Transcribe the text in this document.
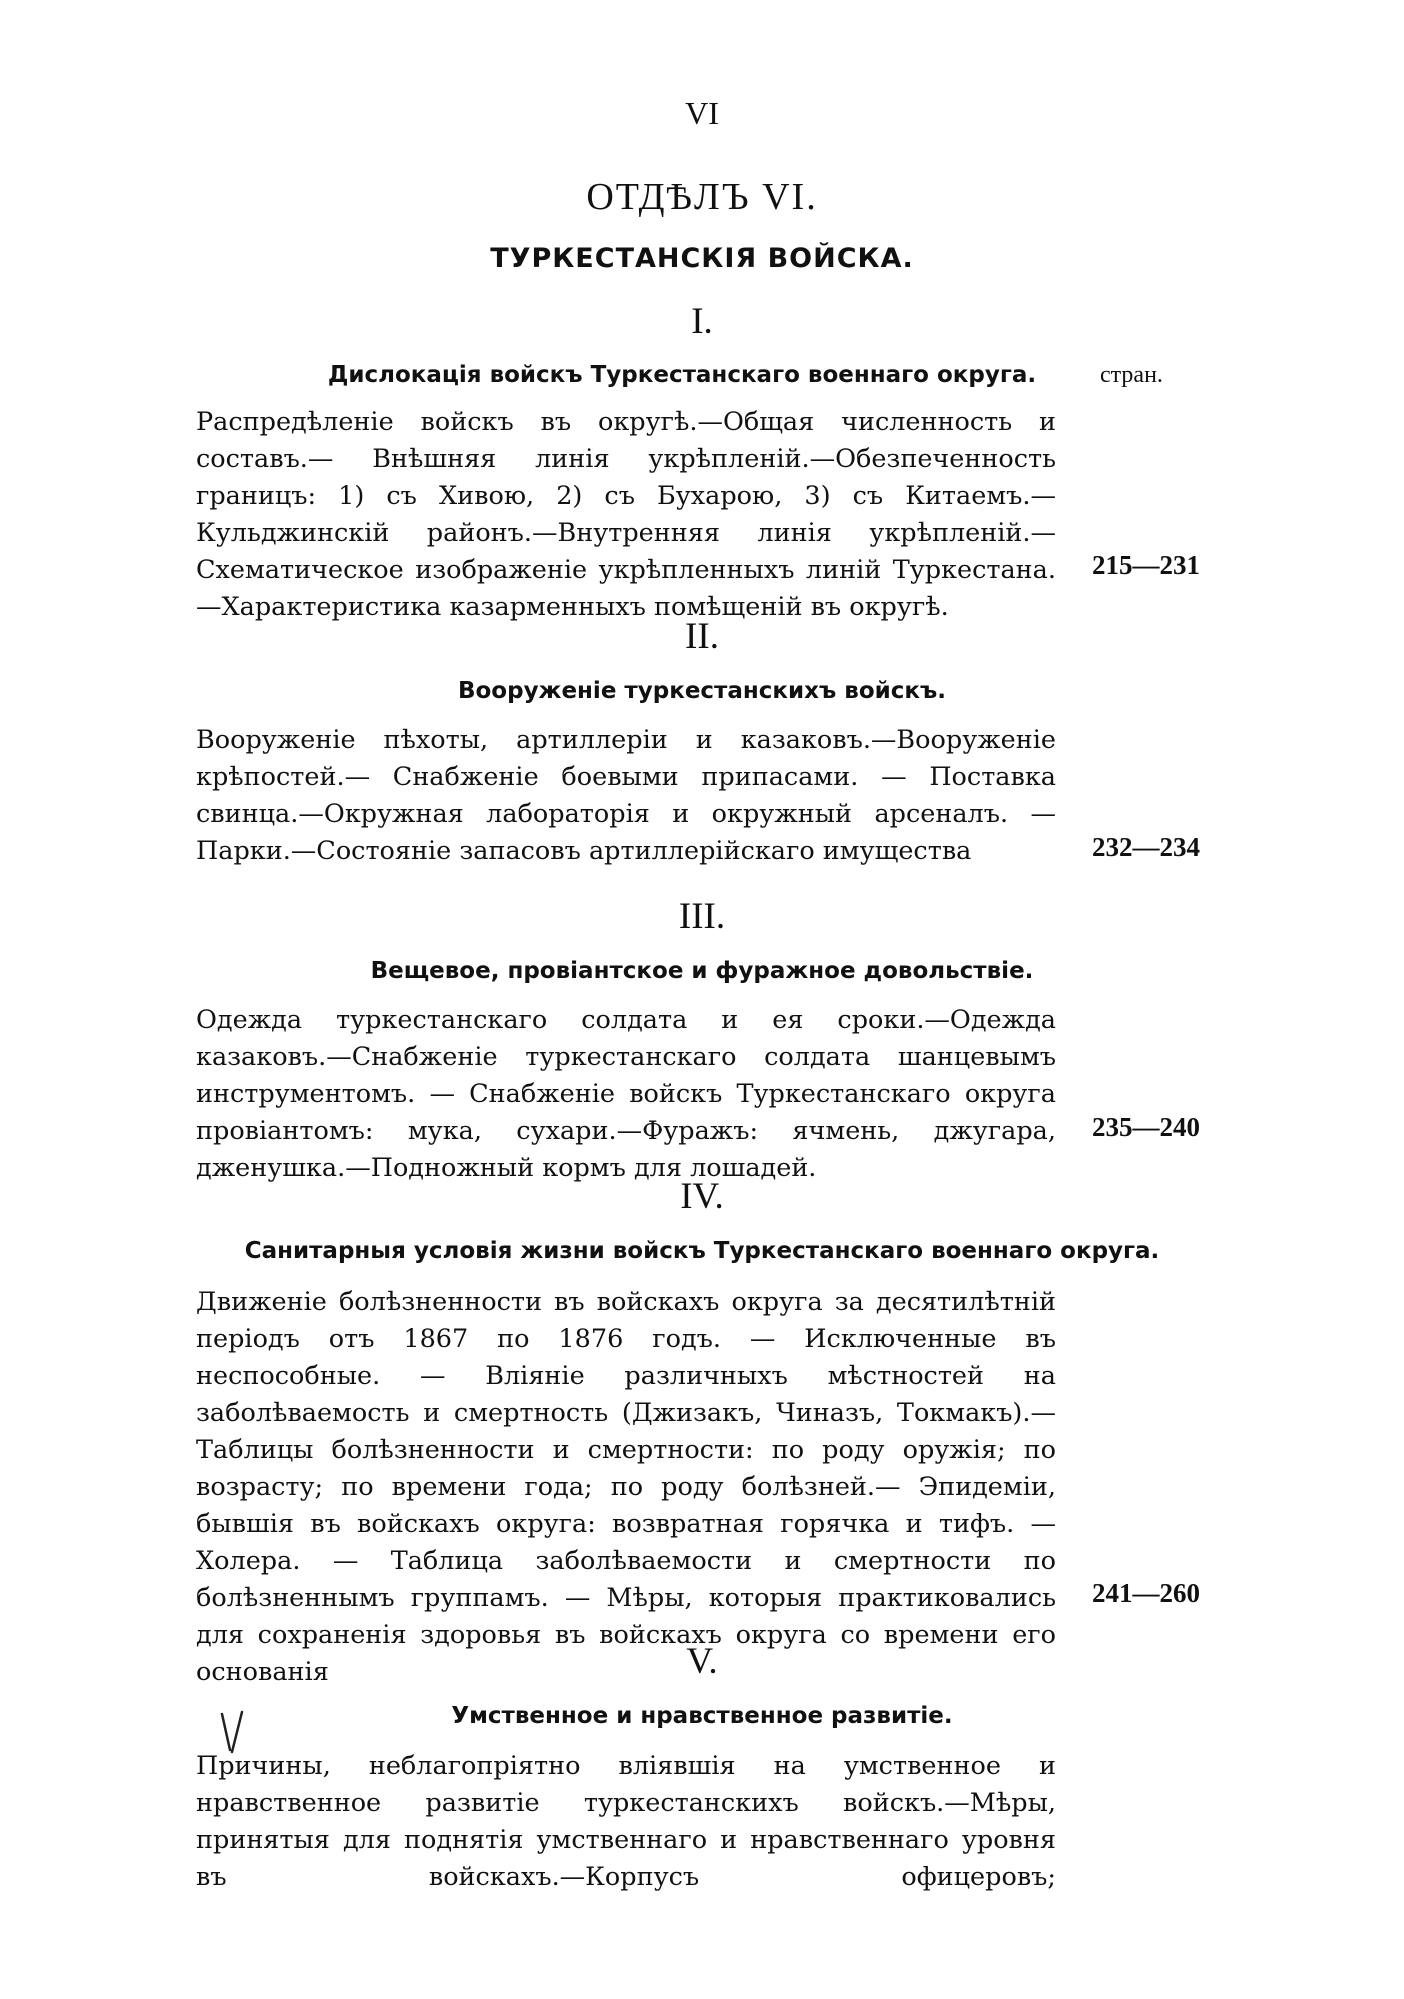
VI
ОТДѢЛЪ VI.
ТУРКЕСТАНСКІЯ ВОЙСКА.
I.
Дислокація войскъ Туркестанскаго военнаго округа.	стран.
Распредѣленіе войскъ въ округѣ.—Общая численность и составъ.— Внѣшняя линія укрѣпленій.—Обезпеченность границъ: 1) съ Хивою, 2) съ Бухарою, 3) съ Китаемъ.—Кульджинскій районъ.—Внутренняя линія укрѣпленій.—Схематическое изображеніе укрѣпленныхъ линій Туркестана.—Характеристика казарменныхъ помѣщеній въ округѣ.
215—231
II.
Вооруженіе туркестанскихъ войскъ.
Вооруженіе пѣхоты, артиллеріи и казаковъ.—Вооруженіе крѣпостей.— Снабженіе боевыми припасами. — Поставка свинца.—Окружная лабораторія и окружный арсеналъ. — Парки.—Состояніе запасовъ артиллерійскаго имущества	232—234
III.
Вещевое, провіантское и фуражное довольствіе.
Одежда туркестанскаго солдата и ея сроки.—Одежда казаковъ.—Снабженіе туркестанскаго солдата шанцевымъ инструментомъ. — Снабженіе войскъ Туркестанскаго округа провіантомъ: мука, сухари.—Фуражъ: ячмень, джугара, дженушка.—Подножный кормъ для лошадей.
235—240
IV.
Санитарныя условія жизни войскъ Туркестанскаго военнаго округа.
Движеніе болѣзненности въ войскахъ округа за десятилѣтній періодъ отъ 1867 по 1876 годъ. — Исключенные въ неспособные. — Вліяніе различныхъ мѣстностей на заболѣваемость и смертность (Джизакъ, Чиназъ, Токмакъ).—Таблицы болѣзненности и смертности: по роду оружія; по возрасту; по времени года; по роду болѣзней.— Эпидеміи, бывшія въ войскахъ округа: возвратная горячка и тифъ. — Холера. — Таблица заболѣваемости и смертности по болѣзненнымъ группамъ. — Мѣры, которыя практиковались для сохраненія здоровья въ войскахъ округа со времени его основанія
241—260
V.
Умственное и нравственное развитіе.
Причины, неблагопріятно вліявшія на умственное и нравственное развитіе туркестанскихъ войскъ.—Мѣры, принятыя для поднятія умственнаго и нравственнаго уровня въ войскахъ.—Корпусъ офицеровъ;
